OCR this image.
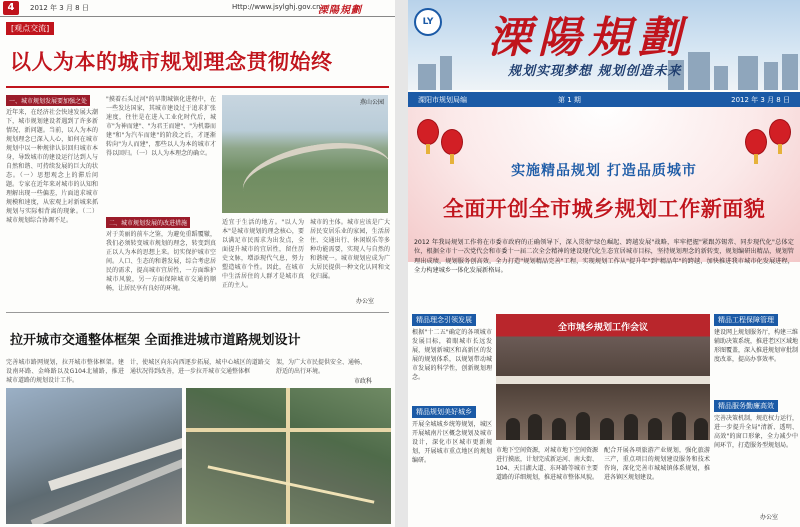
4	2012 年 3 月 8 日	Http://www.jsylghj.gov.cn
溧陽規劃
[观点交流]
以人为本的城市规划理念贯彻始终
一、城市规划发展要加强之处
近年来，在经济社会快速发展大潮下，城市规划建设者遇到了许多新情况、新问题。当前，以人为本的规划理念已深入人心，如何在城市规划中以一种规律认识回归城市本身，导致城市的建设运行达到人与自然和谐、可持续发展的巨大的状态。（一）思想观念上的滞后问题。专家在近年来对城市的认知和理解出现一些偏差，片面追求城市规模和速度，从宏观上对新城来抓规划与实际相背离的现象。（二）城市规划综合协调不足。
"摸着石头过河"的早期城镇化进程中，在一些发达国家，其城市建设过于追求扩张速度，往往是在进入工业化时代后，城市"为神而建"、"为君王而建"、"为机器而建"和"为汽车而建"的阶段之后，才逐渐转向"为人而建"，那些以人为本的城市才得以回归。（一）以人为本理念的确立。
燕山公园
二、城市规划发展的改进措施
对于美丽的前车之鉴，为避免重蹈覆辙，我们必须转变城市规划的理念，转变到真正以人为本的思想上来。切实保护城市空间。人口、生态的和谐发展，综合考虑居民的需求，提高城市宜居性，一方面维护城市风貌，另一方面保障城市交通的顺畅，让居民享有良好的环境。
适宜于生活的地方。"以人为本"是城市规划的理念核心，要以满足市民需求为出发点，全面提升城市的宜居性，留住历史文脉，增添现代气息，努力塑造城市个性。因此，在城市中生活居住的人群才是城市真正的主人。
城市的主体。城市应该是广大居民安居乐业的家园，生活居住、交通出行、休闲娱乐等多种功能需要，实现人与自然的和谐统一。城市规划应成为广大居民提供一种文化认同和文化归属。
办公室
拉开城市交通整体框架 全面推进城市道路规划设计
完善城市路网规划，拉开城市整体框架。建设南环路、金峰路以及G104北辅路，推进城市道路的规划设计工作。
计，使城区向东向西逐步拓展，城中心城区的道路交通状况得到改善，进一步拉开城市交通整体框
架，为广大市民提供安全、通畅、舒适的出行环境。
市政科
LY 溧陽規劃
规划实现梦想 规划创造未来
溧阳市规划局编	第 1 期	2012 年 3 月 8 日
实施精品规划 打造品质城市
全面开创全市城乡规划工作新面貌
2012 年我局规划工作将在市委市政府的正确领导下，深入贯彻"绿色崛起、跨越发展"战略，牢牢把握"紧跟苏锡常、同步现代化"总体定位，根据全市十一次党代会和市委十一届二次全会精神的建设现代化生态宜居城市目标，坚持规划理念的新转变，规划编研出精品，规划管理出成绩，规划服务创高效，全力打造"规划精品完善"工程，实现规划工作从"提升年"到"精品年"的跨越，加快推进我市城市化发展进程，全力构建城乡一体化发展新格局。
精品理念引领发展
根据"十二五"确定的各项城市发展目标，着眼城市长远发展，规划新城区和高新区的发展的规划体系，以规划带动城市发展的科学性，创新规划理念。
精品规划美好城乡
开展全城城乡统筹规划，城区开展城南片区概念规划及城市设计，深化市区城市更新规划，开展城市重点地区的规划编研。
全市城乡规划工作会议
市地下空间资源，对城市地下空间资源进行摸底，计划完成新运河、南大街、104、天目湖大道、东环路等城市主要道路的详细规划，推进城市整体风貌。
配合开展各项旅游产业规划，强化旅游三产，重点项目的规划建设服务和技术咨询，深化完善市城城镇体系规划，推进各镇区规划建设。
精品工程保障管理
建设网上规划服务厅，构建三维辅助决策系统，推进老区区域地形图覆盖，深入推进规划审批制度改革，提高办事效率。
精品服务勤廉高效
完善决策机制，规范权力运行，进一步提升全局"清新、透明、高效"的窗口形象，全力减少中间环节，打造服务型规划局。
办公室
